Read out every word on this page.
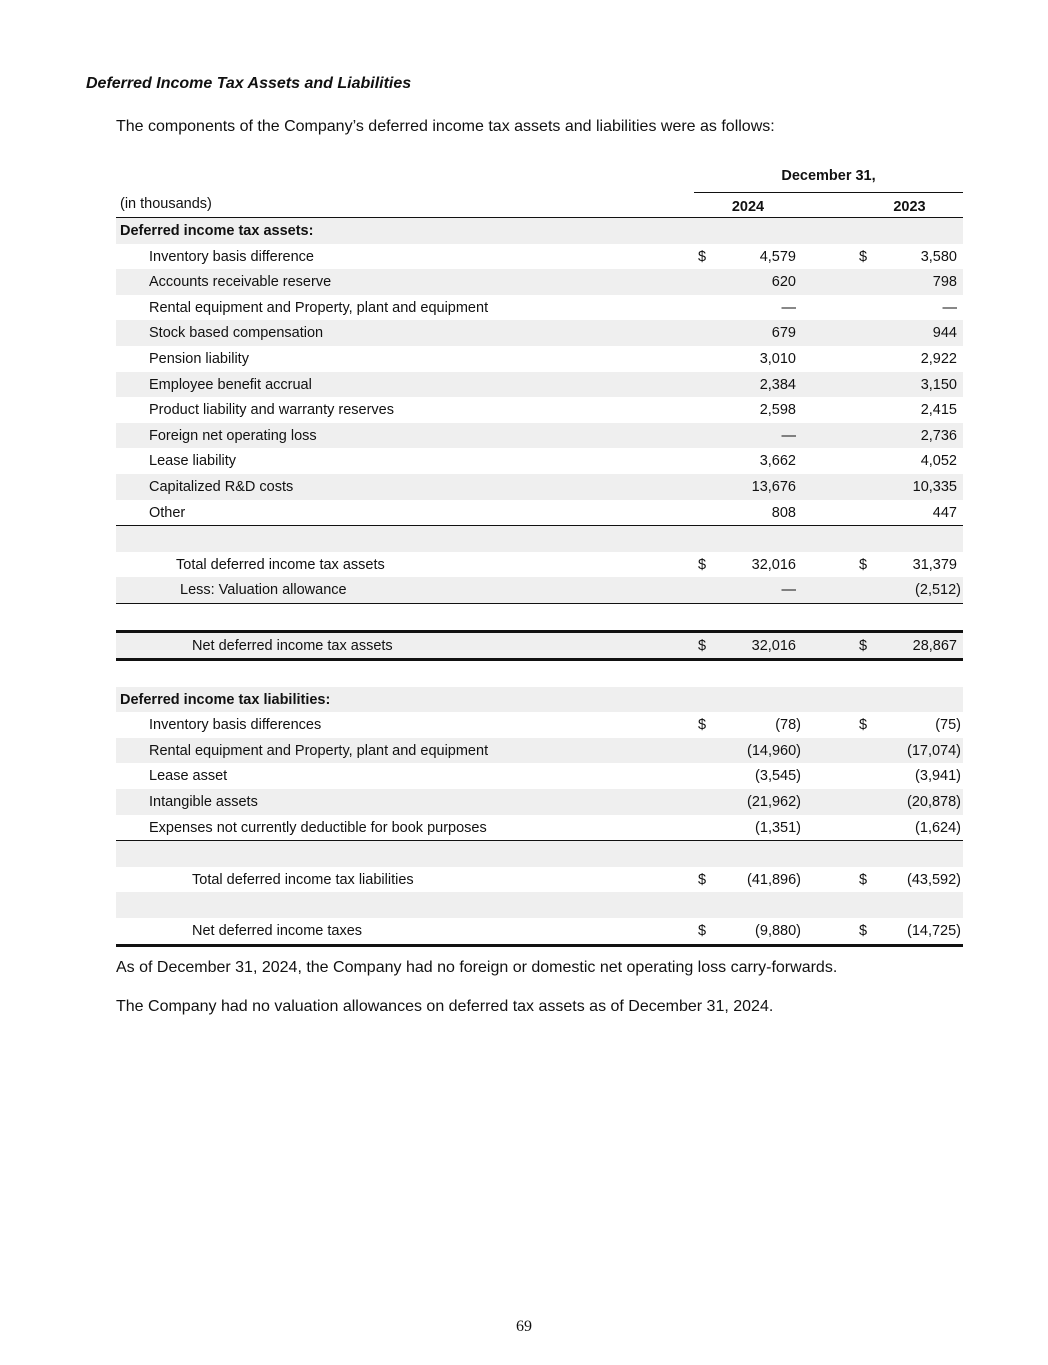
Deferred Income Tax Assets and Liabilities

The components of the Company’s deferred income tax assets and liabilities were as follows:

December 31,
(in thousands)	2024	2023
Deferred income tax assets:
Inventory basis difference	$	4,579	$	3,580
Accounts receivable reserve	620	798
Rental equipment and Property, plant and equipment	—	—
Stock based compensation	679	944
Pension liability	3,010	2,922
Employee benefit accrual	2,384	3,150
Product liability and warranty reserves	2,598	2,415
Foreign net operating loss	—	2,736
Lease liability	3,662	4,052
Capitalized R&D costs	13,676	10,335
Other	808	447
Total deferred income tax assets	$	32,016	$	31,379
Less: Valuation allowance	—	(2,512)
Net deferred income tax assets	$	32,016	$	28,867
Deferred income tax liabilities:
Inventory basis differences	$	(78)	$	(75)
Rental equipment and Property, plant and equipment	(14,960)	(17,074)
Lease asset	(3,545)	(3,941)
Intangible assets	(21,962)	(20,878)
Expenses not currently deductible for book purposes	(1,351)	(1,624)
Total deferred income tax liabilities	$	(41,896)	$	(43,592)
Net deferred income taxes	$	(9,880)	$	(14,725)

As of December 31, 2024, the Company had no foreign or domestic net operating loss carry-forwards.

The Company had no valuation allowances on deferred tax assets as of December 31, 2024.

69
